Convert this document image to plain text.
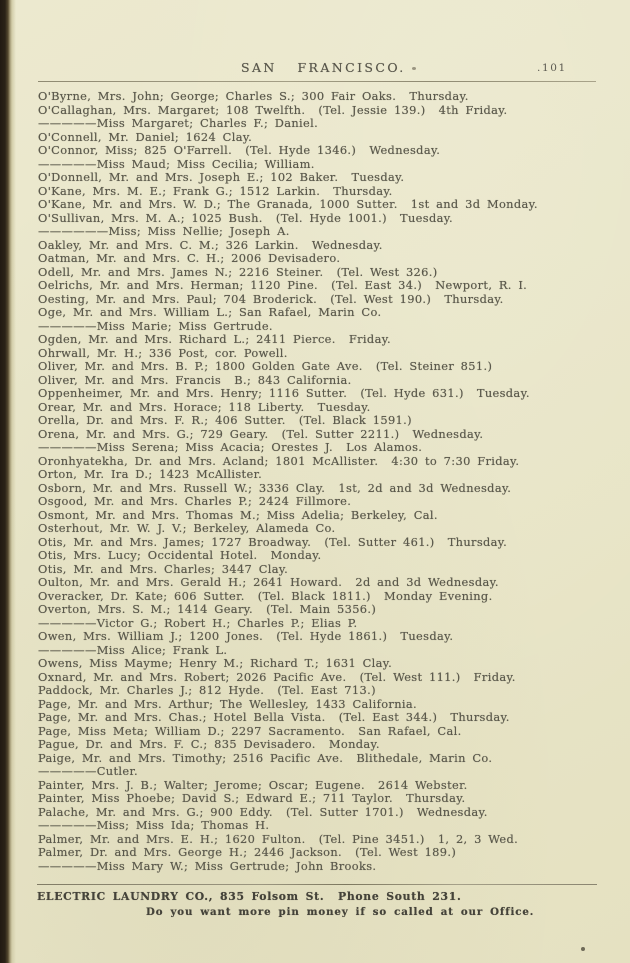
SAN  FRANCISCO.	.101
O'Byrne, Mrs. John; George; Charles S.; 300 Fair Oaks.  Thursday.
O'Callaghan, Mrs. Margaret; 108 Twelfth.  (Tel. Jessie 139.)  4th Friday.
—————Miss Margaret; Charles F.; Daniel.
O'Connell, Mr. Daniel; 1624 Clay.
O'Connor, Miss; 825 O'Farrell.  (Tel. Hyde 1346.)  Wednesday.
—————Miss Maud; Miss Cecilia; William.
O'Donnell, Mr. and Mrs. Joseph E.; 102 Baker.  Tuesday.
O'Kane, Mrs. M. E.; Frank G.; 1512 Larkin.  Thursday.
O'Kane, Mr. and Mrs. W. D.; The Granada, 1000 Sutter.  1st and 3d Monday.
O'Sullivan, Mrs. M. A.; 1025 Bush.  (Tel. Hyde 1001.)  Tuesday.
——————Miss; Miss Nellie; Joseph A.
Oakley, Mr. and Mrs. C. M.; 326 Larkin.  Wednesday.
Oatman, Mr. and Mrs. C. H.; 2006 Devisadero.
Odell, Mr. and Mrs. James N.; 2216 Steiner.  (Tel. West 326.)
Oelrichs, Mr. and Mrs. Herman; 1120 Pine.  (Tel. East 34.)  Newport, R. I.
Oesting, Mr. and Mrs. Paul; 704 Broderick.  (Tel. West 190.)  Thursday.
Oge, Mr. and Mrs. William L.; San Rafael, Marin Co.
—————Miss Marie; Miss Gertrude.
Ogden, Mr. and Mrs. Richard L.; 2411 Pierce.  Friday.
Ohrwall, Mr. H.; 336 Post, cor. Powell.
Oliver, Mr. and Mrs. B. P.; 1800 Golden Gate Ave.  (Tel. Steiner 851.)
Oliver, Mr. and Mrs. Francis  B.; 843 California.
Oppenheimer, Mr. and Mrs. Henry; 1116 Sutter.  (Tel. Hyde 631.)  Tuesday.
Orear, Mr. and Mrs. Horace; 118 Liberty.  Tuesday.
Orella, Dr. and Mrs. F. R.; 406 Sutter.  (Tel. Black 1591.)
Orena, Mr. and Mrs. G.; 729 Geary.  (Tel. Sutter 2211.)  Wednesday.
—————Miss Serena; Miss Acacia; Orestes J.  Los Alamos.
Oronhyatekha, Dr. and Mrs. Acland; 1801 McAllister.  4:30 to 7:30 Friday.
Orton, Mr. Ira D.; 1423 McAllister.
Osborn, Mr. and Mrs. Russell W.; 3336 Clay.  1st, 2d and 3d Wednesday.
Osgood, Mr. and Mrs. Charles P.; 2424 Fillmore.
Osmont, Mr. and Mrs. Thomas M.; Miss Adelia; Berkeley, Cal.
Osterhout, Mr. W. J. V.; Berkeley, Alameda Co.
Otis, Mr. and Mrs. James; 1727 Broadway.  (Tel. Sutter 461.)  Thursday.
Otis, Mrs. Lucy; Occidental Hotel.  Monday.
Otis, Mr. and Mrs. Charles; 3447 Clay.
Oulton, Mr. and Mrs. Gerald H.; 2641 Howard.  2d and 3d Wednesday.
Overacker, Dr. Kate; 606 Sutter.  (Tel. Black 1811.)  Monday Evening.
Overton, Mrs. S. M.; 1414 Geary.  (Tel. Main 5356.)
—————Victor G.; Robert H.; Charles P.; Elias P.
Owen, Mrs. William J.; 1200 Jones.  (Tel. Hyde 1861.)  Tuesday.
—————Miss Alice; Frank L.
Owens, Miss Mayme; Henry M.; Richard T.; 1631 Clay.
Oxnard, Mr. and Mrs. Robert; 2026 Pacific Ave.  (Tel. West 111.)  Friday.
Paddock, Mr. Charles J.; 812 Hyde.  (Tel. East 713.)
Page, Mr. and Mrs. Arthur; The Wellesley, 1433 California.
Page, Mr. and Mrs. Chas.; Hotel Bella Vista.  (Tel. East 344.)  Thursday.
Page, Miss Meta; William D.; 2297 Sacramento.  San Rafael, Cal.
Pague, Dr. and Mrs. F. C.; 835 Devisadero.  Monday.
Paige, Mr. and Mrs. Timothy; 2516 Pacific Ave.  Blithedale, Marin Co.
—————Cutler.
Painter, Mrs. J. B.; Walter; Jerome; Oscar; Eugene.  2614 Webster.
Painter, Miss Phoebe; David S.; Edward E.; 711 Taylor.  Thursday.
Palache, Mr. and Mrs. G.; 900 Eddy.  (Tel. Sutter 1701.)  Wednesday.
—————Miss; Miss Ida; Thomas H.
Palmer, Mr. and Mrs. E. H.; 1620 Fulton.  (Tel. Pine 3451.)  1, 2, 3 Wed.
Palmer, Dr. and Mrs. George H.; 2446 Jackson.  (Tel. West 189.)
—————Miss Mary W.; Miss Gertrude; John Brooks.
ELECTRIC LAUNDRY CO., 835 Folsom St.  Phone South 231.
Do you want more pin money if so called at our Office.
